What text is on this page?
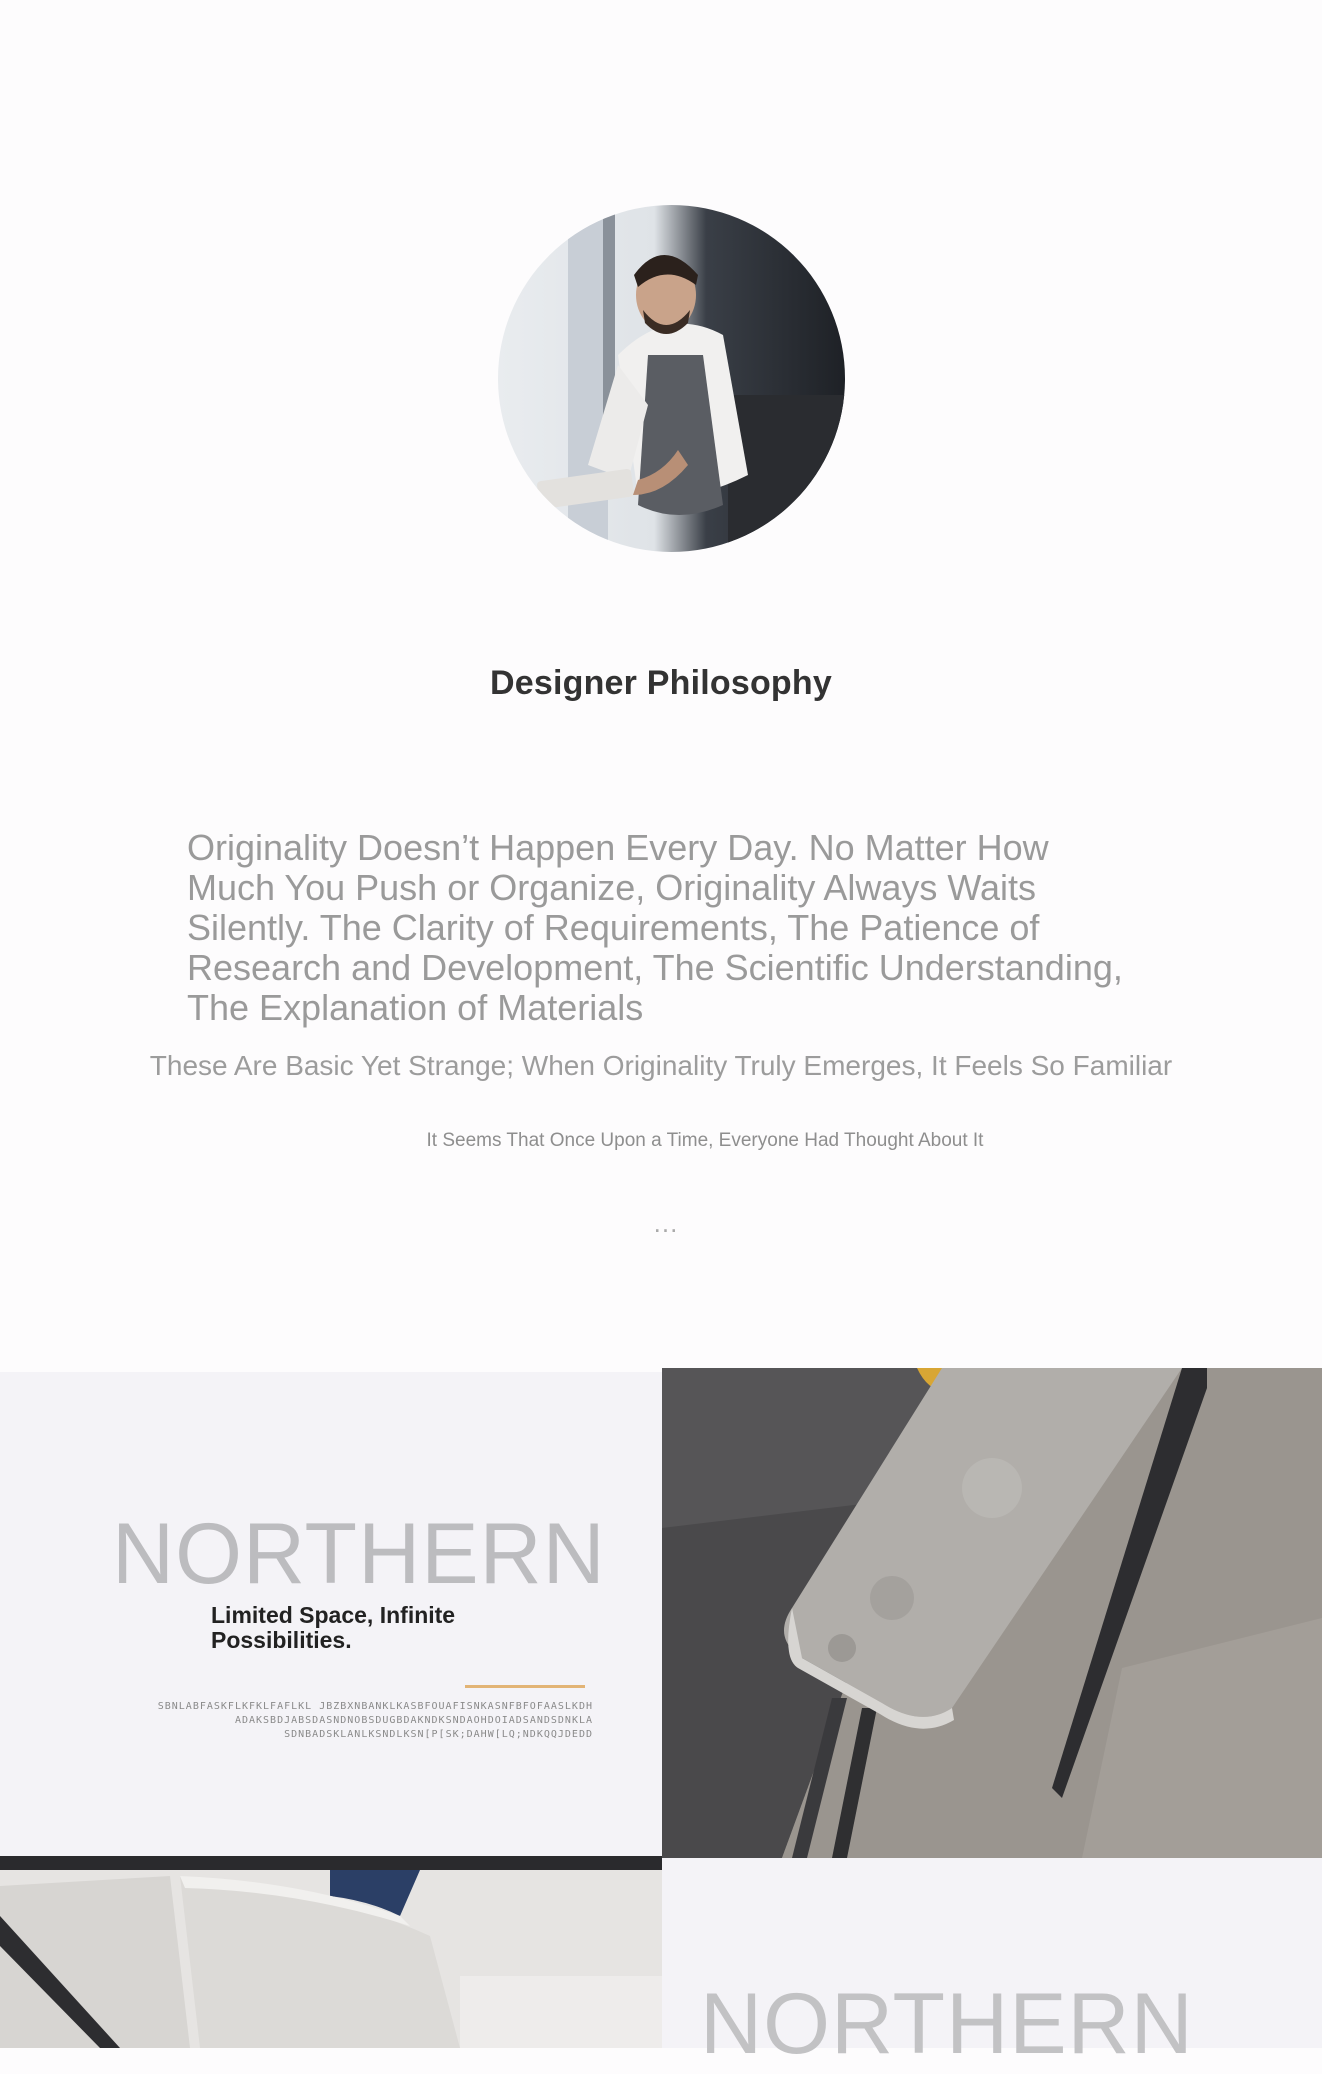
Designer Philosophy
Originality Doesn’t Happen Every Day. No Matter How Much You Push or Organize, Originality Always Waits Silently. The Clarity of Requirements, The Patience of Research and Development, The Scientific Understanding, The Explanation of Materials
These Are Basic Yet Strange; When Originality Truly Emerges, It Feels So Familiar
It Seems That Once Upon a Time, Everyone Had Thought About It
...
NORTHERN
Limited Space, Infinite Possibilities.
SBNLABFASKFLKFKLFAFLKL JBZBXNBANKLKASBFOUAFISNKASNFBFOFAASLKDH
ADAKSBDJABSDASNDNOBSDUGBDAKNDKSNDAOHDOIADSANDSDNKLA
SDNBADSKLANLKSNDLKSN[P[SK;DAHW[LQ;NDKQQJDEDD
NORTHERN
